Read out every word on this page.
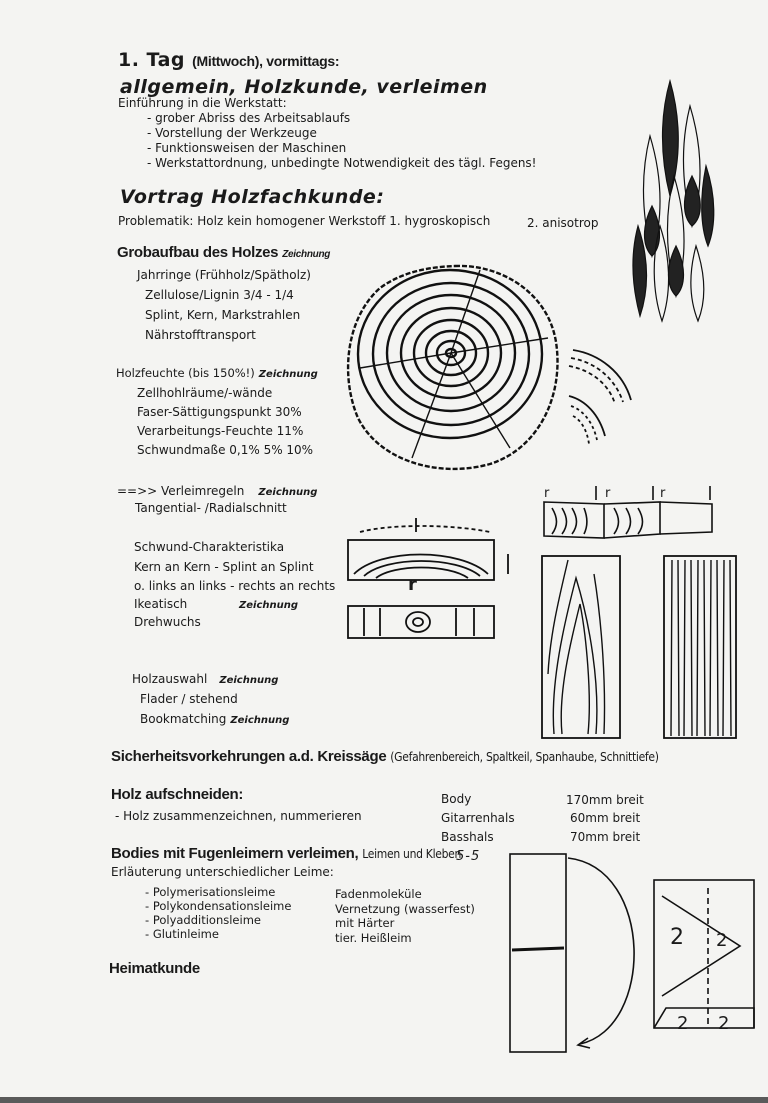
1. Tag (Mittwoch), vormittags:
allgemein, Holzkunde, verleimen
Einführung in die Werkstatt:
- grober Abriss des Arbeitsablaufs
- Vorstellung der Werkzeuge
- Funktionsweisen der Maschinen
- Werkstattordnung, unbedingte Notwendigkeit des tägl. Fegens!
Vortrag Holzfachkunde:
Problematik: Holz kein homogener Werkstoff 1. hygroskopisch	2. anisotrop
Grobaufbau des Holzes Zeichnung
Jahrringe (Frühholz/Spätholz)
Zellulose/Lignin 3/4 - 1/4
Splint, Kern, Markstrahlen
Nährstofftransport
Holzfeuchte (bis 150%!) Zeichnung
Zellhohlräume/-wände
Faser-Sättigungspunkt 30%
Verarbeitungs-Feuchte 11%
Schwundmaße 0,1% 5% 10%
==>> Verleimregeln Zeichnung
Tangential- /Radialschnitt
Schwund-Charakteristika
Kern an Kern - Splint an Splint
o. links an links - rechts an rechts
Ikeatisch	Zeichnung
Drehwuchs
Holzauswahl Zeichnung
Flader / stehend
Bookmatching Zeichnung
Sicherheitsvorkehrungen a.d. Kreissäge (Gefahrenbereich, Spaltkeil, Spanhaube, Schnittiefe)
Holz aufschneiden:
- Holz zusammenzeichnen, nummerieren
Body	170mm breit
Gitarrenhals	60mm breit
Basshals	70mm breit
Bodies mit Fugenleimern verleimen, Leimen und Kleben
5-5
Erläuterung unterschiedlicher Leime:
- Polymerisationsleime
- Polykondensationsleime
- Polyadditionsleime
- Glutinleime
Fadenmoleküle
Vernetzung (wasserfest)
mit Härter
tier. Heißleim
Heimatkunde
r	r	r
r
2 2
2 2
